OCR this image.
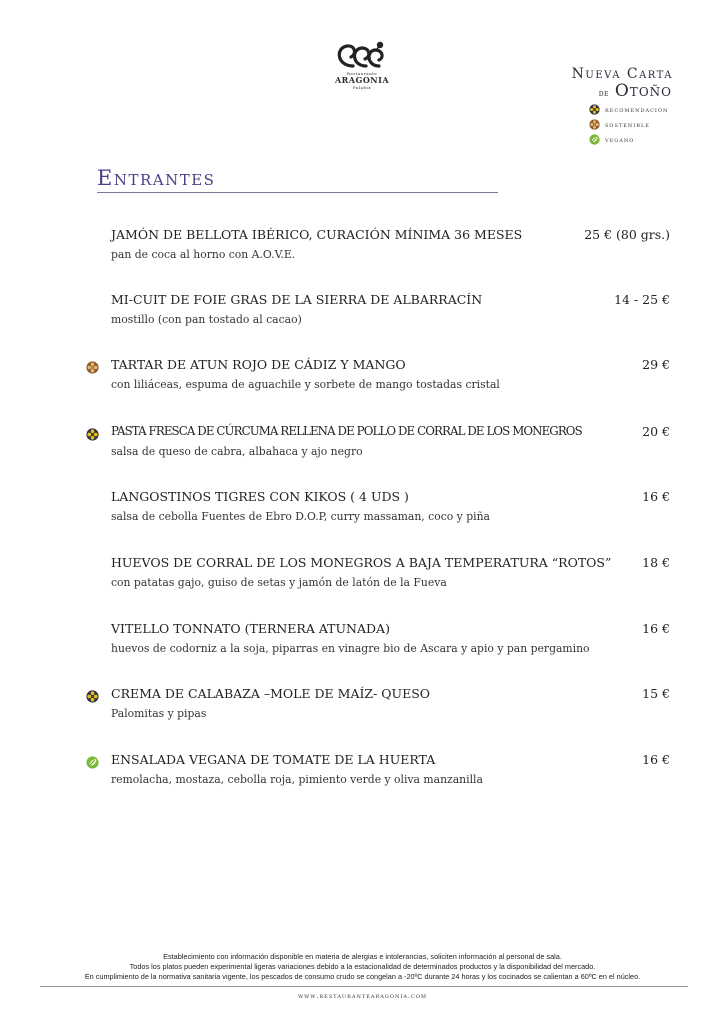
Restaurante
ARAGONIA
Palafox
Nueva Carta
de Otoño
recomendación
sostenible
vegano
Entrantes
JAMÓN DE BELLOTA IBÉRICO, CURACIÓN MÍNIMA 36 MESES	25 € (80 grs.)
pan de coca al horno con A.O.V.E.
MI-CUIT DE FOIE GRAS DE LA SIERRA DE ALBARRACÍN	14 - 25 €
mostillo (con pan tostado al cacao)
TARTAR DE ATUN ROJO DE CÁDIZ Y MANGO	29 €
con liliáceas, espuma de aguachile y sorbete de mango tostadas cristal
PASTA FRESCA DE CÚRCUMA RELLENA DE POLLO DE CORRAL DE LOS MONEGROS	20 €
salsa de queso de cabra, albahaca y ajo negro
LANGOSTINOS TIGRES CON KIKOS ( 4 UDS )	16 €
salsa de cebolla Fuentes de Ebro D.O.P, curry massaman, coco y piña
HUEVOS DE CORRAL DE LOS MONEGROS A BAJA TEMPERATURA “ROTOS” 18 €
con patatas gajo, guiso de setas y jamón de latón de la Fueva
VITELLO TONNATO (TERNERA ATUNADA)	16 €
huevos de codorniz a la soja, piparras en vinagre bio de Ascara y apio y pan pergamino
CREMA DE CALABAZA –MOLE DE MAÍZ- QUESO	15 €
Palomitas y pipas
ENSALADA VEGANA DE TOMATE DE LA HUERTA	16 €
remolacha, mostaza, cebolla roja, pimiento verde y oliva manzanilla
Establecimiento con información disponible en materia de alergias e intolerancias, soliciten información al personal de sala.
Todos los platos pueden experimental ligeras variaciones debido a la estacionalidad de determinados productos y la disponibilidad del mercado.
En cumplimiento de la normativa sanitaria vigente, los pescados de consumo crudo se congelan a -20ºC durante 24 horas y los cocinados se calientan a 60ºC en el núcleo.
www.restaurantearagonia.com
